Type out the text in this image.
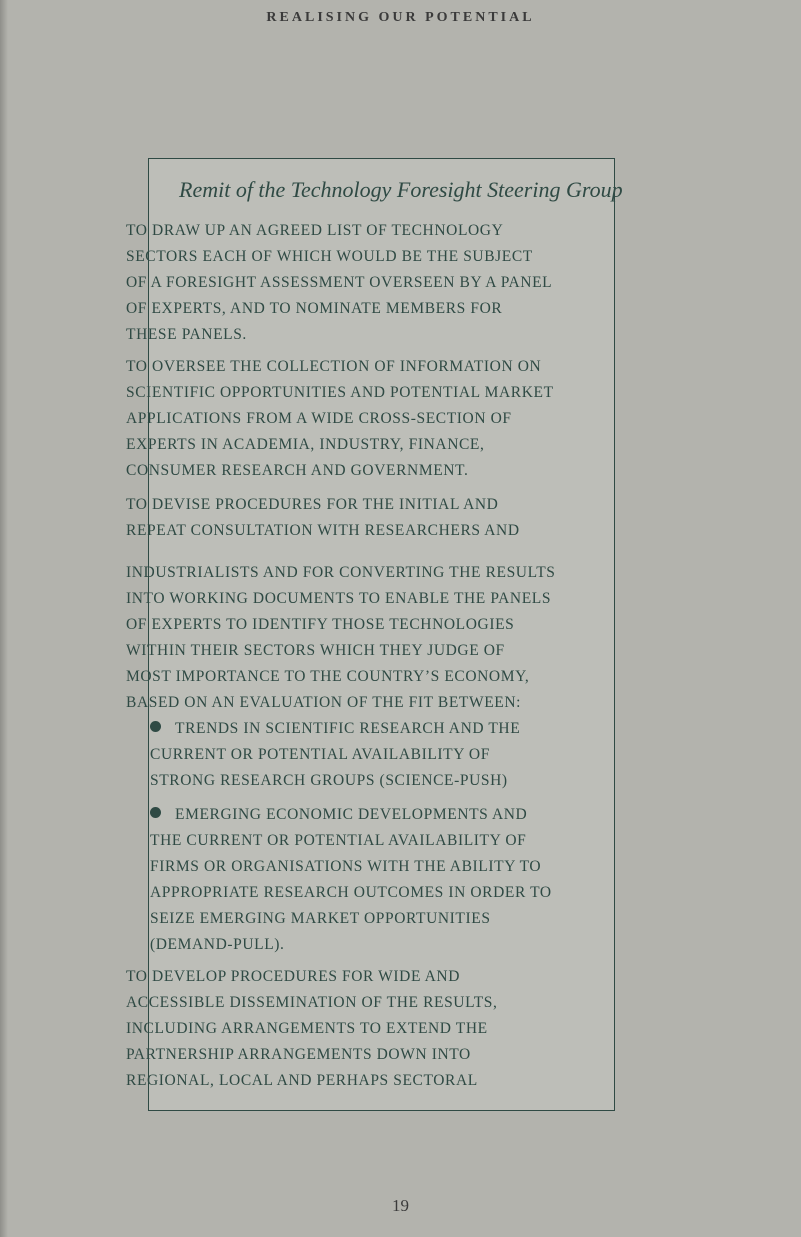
REALISING OUR POTENTIAL
Remit of the Technology Foresight Steering Group
TO DRAW UP AN AGREED LIST OF TECHNOLOGY
SECTORS EACH OF WHICH WOULD BE THE SUBJECT
OF A FORESIGHT ASSESSMENT OVERSEEN BY A PANEL
OF EXPERTS, AND TO NOMINATE MEMBERS FOR
THESE PANELS.
TO OVERSEE THE COLLECTION OF INFORMATION ON
SCIENTIFIC OPPORTUNITIES AND POTENTIAL MARKET
APPLICATIONS FROM A WIDE CROSS-SECTION OF
EXPERTS IN ACADEMIA, INDUSTRY, FINANCE,
CONSUMER RESEARCH AND GOVERNMENT.
TO DEVISE PROCEDURES FOR THE INITIAL AND
REPEAT CONSULTATION WITH RESEARCHERS AND
INDUSTRIALISTS AND FOR CONVERTING THE RESULTS
INTO WORKING DOCUMENTS TO ENABLE THE PANELS
OF EXPERTS TO IDENTIFY THOSE TECHNOLOGIES
WITHIN THEIR SECTORS WHICH THEY JUDGE OF
MOST IMPORTANCE TO THE COUNTRY’S ECONOMY,
BASED ON AN EVALUATION OF THE FIT BETWEEN:
TRENDS IN SCIENTIFIC RESEARCH AND THE
CURRENT OR POTENTIAL AVAILABILITY OF
STRONG RESEARCH GROUPS (SCIENCE-PUSH)
EMERGING ECONOMIC DEVELOPMENTS AND
THE CURRENT OR POTENTIAL AVAILABILITY OF
FIRMS OR ORGANISATIONS WITH THE ABILITY TO
APPROPRIATE RESEARCH OUTCOMES IN ORDER TO
SEIZE EMERGING MARKET OPPORTUNITIES
(DEMAND-PULL).
TO DEVELOP PROCEDURES FOR WIDE AND
ACCESSIBLE DISSEMINATION OF THE RESULTS,
INCLUDING ARRANGEMENTS TO EXTEND THE
PARTNERSHIP ARRANGEMENTS DOWN INTO
REGIONAL, LOCAL AND PERHAPS SECTORAL
19
